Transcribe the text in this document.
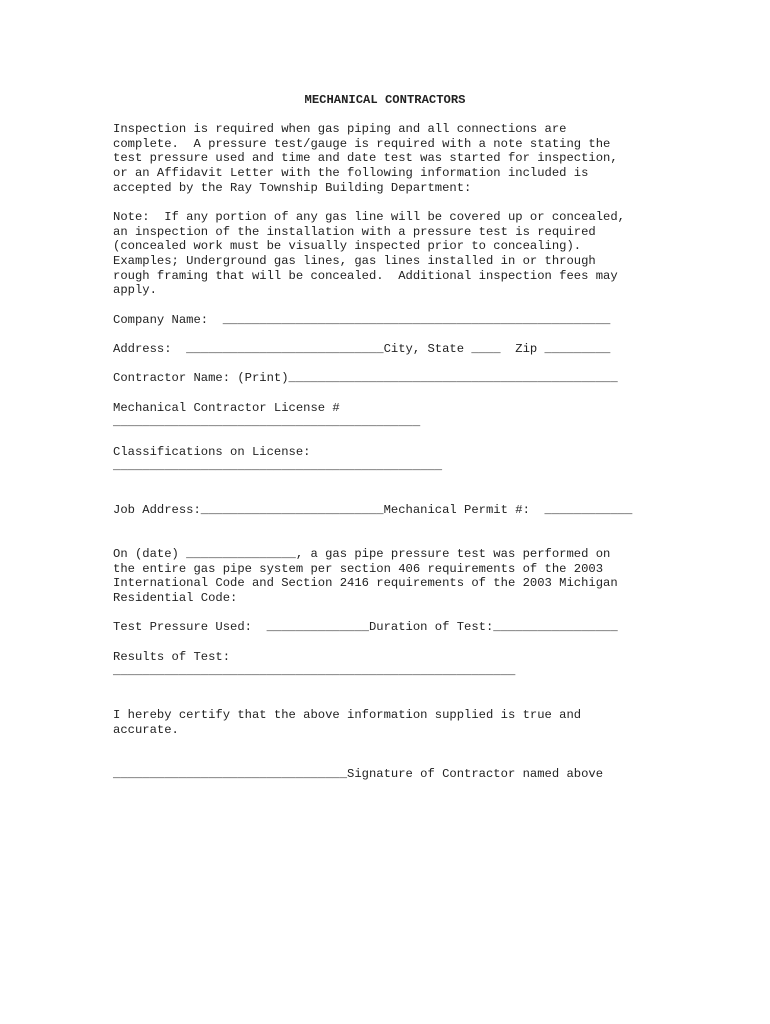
MECHANICAL CONTRACTORS
Inspection is required when gas piping and all connections are
complete.  A pressure test/gauge is required with a note stating the
test pressure used and time and date test was started for inspection,
or an Affidavit Letter with the following information included is
accepted by the Ray Township Building Department:
Note:  If any portion of any gas line will be covered up or concealed,
an inspection of the installation with a pressure test is required
(concealed work must be visually inspected prior to concealing).
Examples; Underground gas lines, gas lines installed in or through
rough framing that will be concealed.  Additional inspection fees may
apply.
Company Name:  _____________________________________________________
Address:  ___________________________City, State ____  Zip _________
Contractor Name: (Print)_____________________________________________
Mechanical Contractor License #
__________________________________________
Classifications on License:
_____________________________________________
Job Address:_________________________Mechanical Permit #:  ____________
On (date) _______________, a gas pipe pressure test was performed on
the entire gas pipe system per section 406 requirements of the 2003
International Code and Section 2416 requirements of the 2003 Michigan
Residential Code:
Test Pressure Used:  ______________Duration of Test:_________________
Results of Test:
_______________________________________________________
I hereby certify that the above information supplied is true and
accurate.
________________________________Signature of Contractor named above
